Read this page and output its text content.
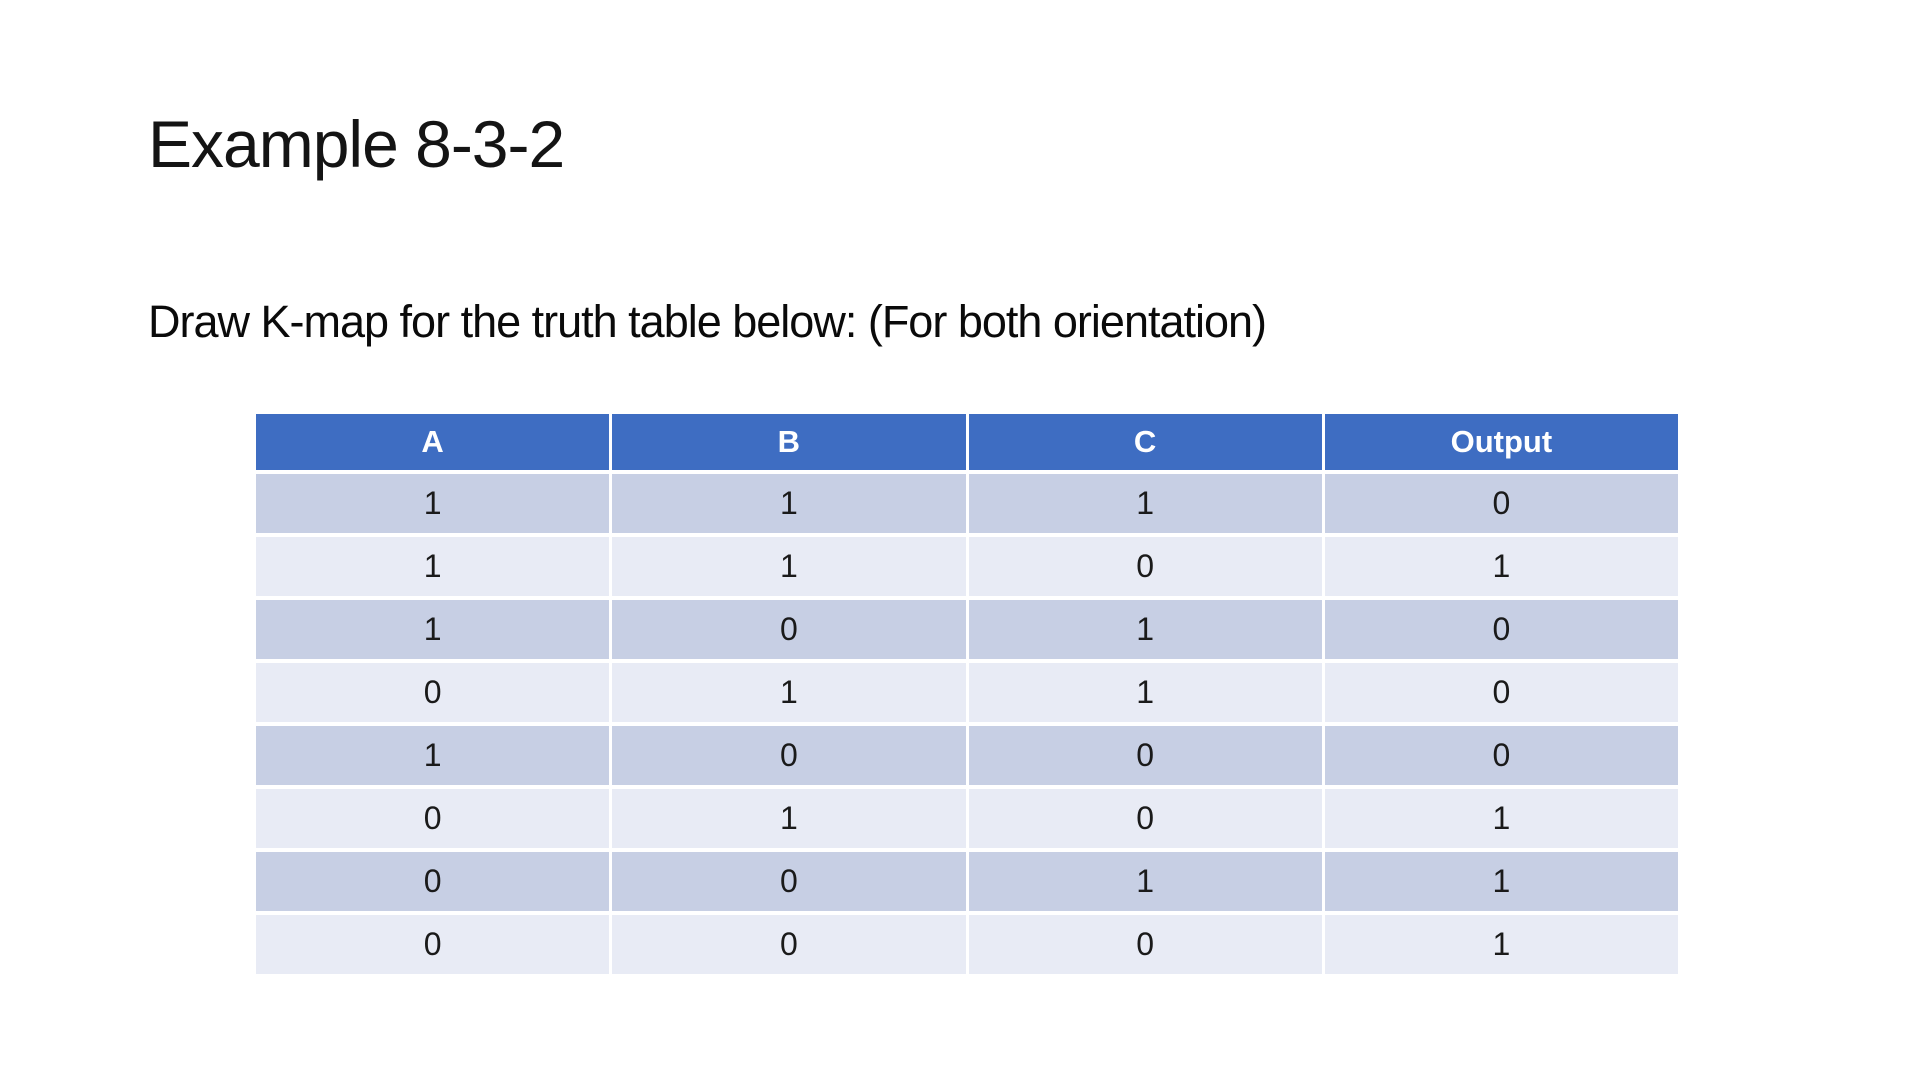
Example 8-3-2
Draw K-map for the truth table below: (For both orientation)
A	B	C	Output
1	1	1	0
1	1	0	1
1	0	1	0
0	1	1	0
1	0	0	0
0	1	0	1
0	0	1	1
0	0	0	1
